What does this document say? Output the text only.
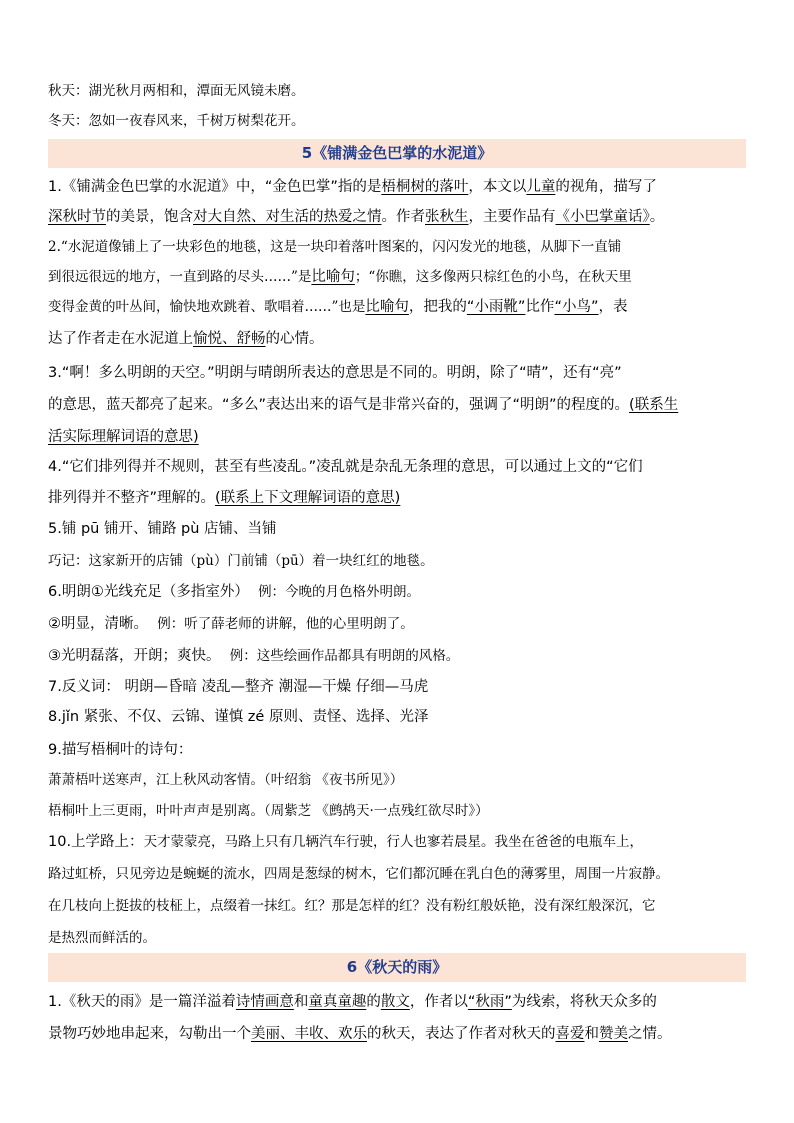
秋天：湖光秋月两相和，潭面无风镜未磨。
冬天：忽如一夜春风来，千树万树梨花开。
5《铺满金色巴掌的水泥道》
1.《铺满金色巴掌的水泥道》中，“金色巴掌”指的是梧桐树的落叶，本文以儿童的视角，描写了
深秋时节的美景，饱含对大自然、对生活的热爱之情。作者张秋生，主要作品有《小巴掌童话》。
2.“水泥道像铺上了一块彩色的地毯，这是一块印着落叶图案的，闪闪发光的地毯，从脚下一直铺
到很远很远的地方，一直到路的尽头……”是比喻句；“你瞧，这多像两只棕红色的小鸟，在秋天里
变得金黄的叶丛间，愉快地欢跳着、歌唱着……”也是比喻句，把我的“小雨靴”比作“小鸟”，表
达了作者走在水泥道上愉悦、舒畅的心情。
3.“啊！多么明朗的天空。”明朗与晴朗所表达的意思是不同的。明朗，除了“晴”，还有“亮”
的意思，蓝天都亮了起来。“多么”表达出来的语气是非常兴奋的，强调了“明朗”的程度的。(联系生
活实际理解词语的意思)
4.“它们排列得并不规则，甚至有些凌乱。”凌乱就是杂乱无条理的意思，可以通过上文的“它们
排列得并不整齐”理解的。(联系上下文理解词语的意思)
5.铺 pū 铺开、铺路 pù 店铺、当铺
巧记：这家新开的店铺（pù）门前铺（pū）着一块红红的地毯。
6.明朗①光线充足（多指室外） 例：今晚的月色格外明朗。
②明显，清晰。 例：听了薛老师的讲解，他的心里明朗了。
③光明磊落，开朗；爽快。 例：这些绘画作品都具有明朗的风格。
7.反义词： 明朗—昏暗 凌乱—整齐 潮湿—干燥 仔细—马虎
8.jǐn 紧张、不仅、云锦、谨慎 zé 原则、责怪、选择、光泽
9.描写梧桐叶的诗句：
萧萧梧叶送寒声，江上秋风动客情。（叶绍翁 《夜书所见》）
梧桐叶上三更雨，叶叶声声是别离。（周紫芝 《鹧鸪天·一点残红欲尽时》）
10.上学路上：天才蒙蒙亮，马路上只有几辆汽车行驶，行人也寥若晨星。我坐在爸爸的电瓶车上，
路过虹桥，只见旁边是蜿蜒的流水，四周是葱绿的树木，它们都沉睡在乳白色的薄雾里，周围一片寂静。
在几枝向上挺拔的枝柾上，点缀着一抹红。红？那是怎样的红？没有粉红般妖艳，没有深红般深沉，它
是热烈而鲜活的。
6《秋天的雨》
1.《秋天的雨》是一篇洋溢着诗情画意和童真童趣的散文，作者以“秋雨”为线索，将秋天众多的
景物巧妙地串起来，勾勒出一个美丽、丰收、欢乐的秋天，表达了作者对秋天的喜爱和赞美之情。
